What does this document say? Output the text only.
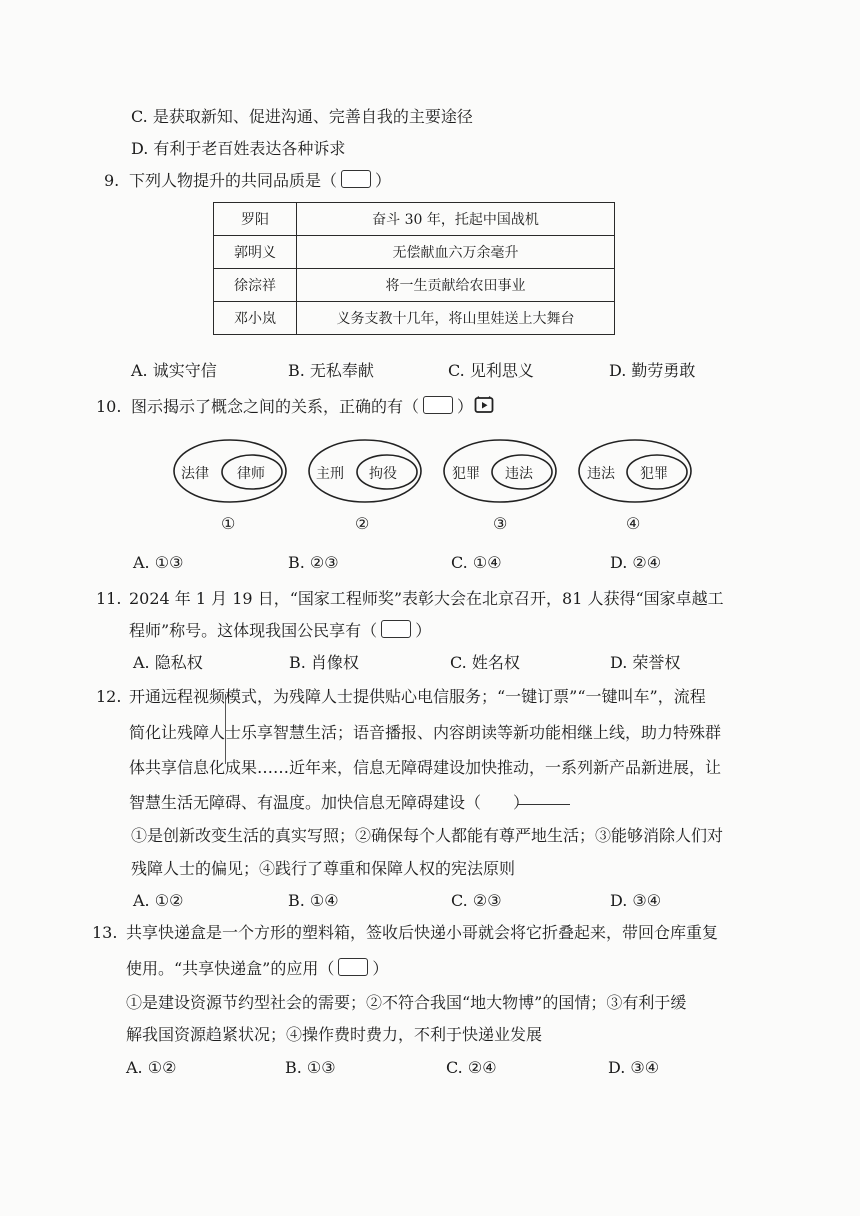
C. 是获取新知、促进沟通、完善自我的主要途径
D. 有利于老百姓表达各种诉求
9. 下列人物提升的共同品质是（ ）
罗阳	奋斗 30 年，托起中国战机
郭明义	无偿献血六万余毫升
徐淙祥	将一生贡献给农田事业
邓小岚	义务支教十几年，将山里娃送上大舞台
A. 诚实守信	B. 无私奉献	C. 见利思义	D. 勤劳勇敢
10. 图示揭示了概念之间的关系，正确的有（ ）
法律 律师
①
主刑 拘役
②
犯罪 违法
③
违法 犯罪
④
A. ①③	B. ②③	C. ①④	D. ②④
11. 2024 年 1 月 19 日，“国家工程师奖”表彰大会在北京召开，81 人获得“国家卓越工
程师”称号。这体现我国公民享有（ ）
A. 隐私权	B. 肖像权	C. 姓名权	D. 荣誉权
12. 开通远程视频模式，为残障人士提供贴心电信服务；“一键订票”“一键叫车”，流程
简化让残障人士乐享智慧生活；语音播报、内容朗读等新功能相继上线，助力特殊群
体共享信息化成果……近年来，信息无障碍建设加快推动，一系列新产品新进展，让
智慧生活无障碍、有温度。加快信息无障碍建设（　　）
①是创新改变生活的真实写照；②确保每个人都能有尊严地生活；③能够消除人们对
残障人士的偏见；④践行了尊重和保障人权的宪法原则
A. ①②	B. ①④	C. ②③	D. ③④
13. 共享快递盒是一个方形的塑料箱，签收后快递小哥就会将它折叠起来，带回仓库重复
使用。“共享快递盒”的应用（ ）
①是建设资源节约型社会的需要；②不符合我国“地大物博”的国情；③有利于缓
解我国资源趋紧状况；④操作费时费力，不利于快递业发展
A. ①②	B. ①③	C. ②④	D. ③④
